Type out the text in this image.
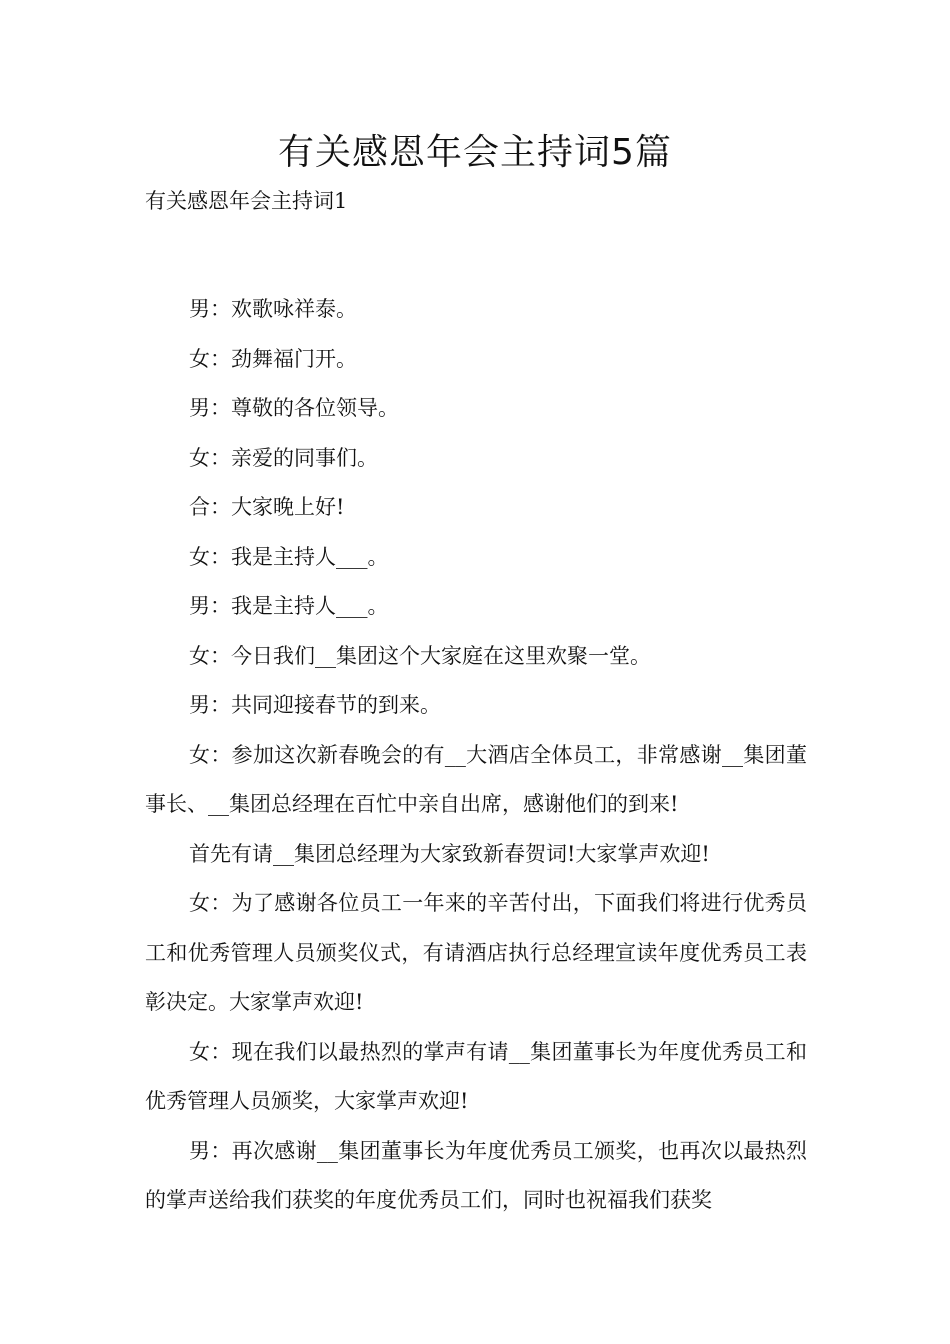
有关感恩年会主持词5篇
有关感恩年会主持词1

男：欢歌咏祥泰。

女：劲舞福门开。

男：尊敬的各位领导。

女：亲爱的同事们。

合：大家晚上好!

女：我是主持人___。

男：我是主持人___。

女：今日我们__集团这个大家庭在这里欢聚一堂。

男：共同迎接春节的到来。

女：参加这次新春晚会的有__大酒店全体员工，非常感谢__集团董事长、__集团总经理在百忙中亲自出席，感谢他们的到来!

首先有请__集团总经理为大家致新春贺词!大家掌声欢迎!

女：为了感谢各位员工一年来的辛苦付出，下面我们将进行优秀员工和优秀管理人员颁奖仪式，有请酒店执行总经理宣读年度优秀员工表彰决定。大家掌声欢迎!

女：现在我们以最热烈的掌声有请__集团董事长为年度优秀员工和优秀管理人员颁奖，大家掌声欢迎!

男：再次感谢__集团董事长为年度优秀员工颁奖，也再次以最热烈的掌声送给我们获奖的年度优秀员工们，同时也祝福我们获奖
